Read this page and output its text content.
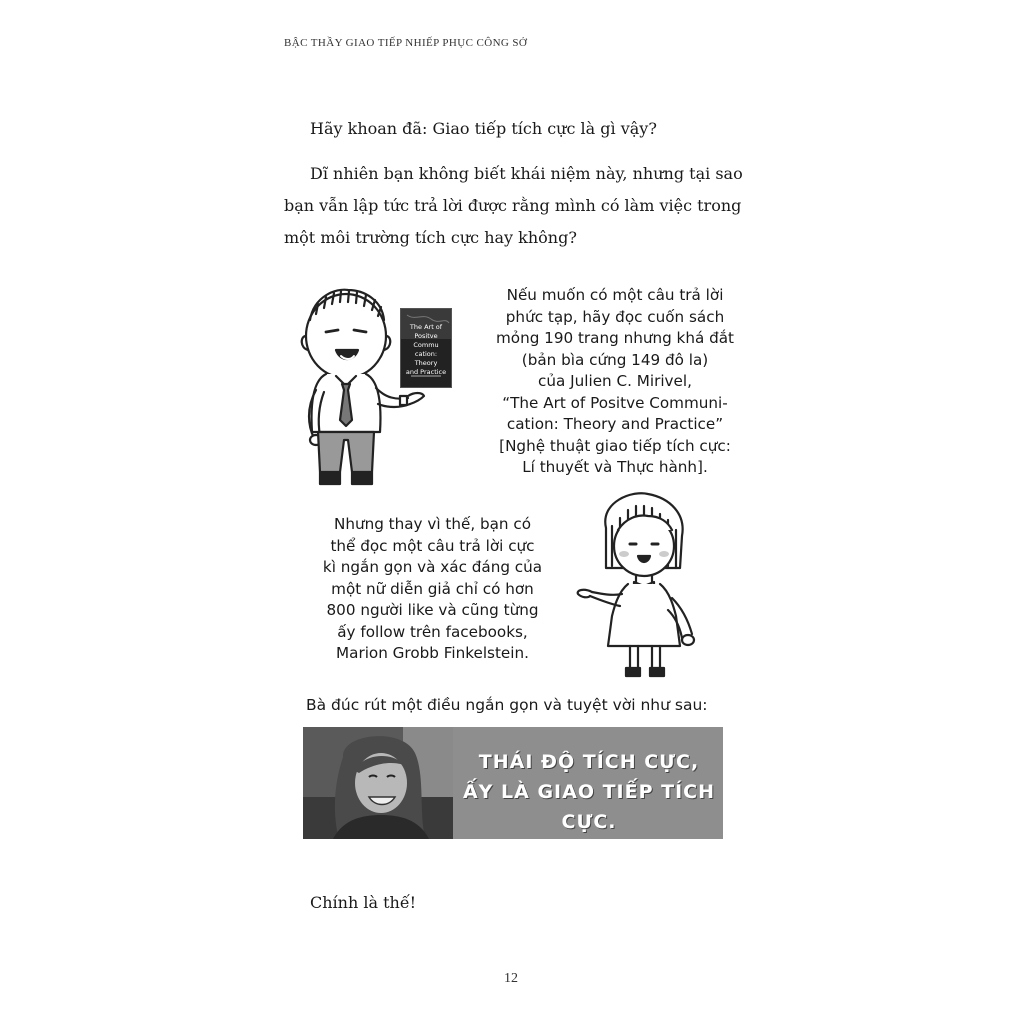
BẬC THẦY GIAO TIẾP NHIẾP PHỤC CÔNG SỞ
Hãy khoan đã: Giao tiếp tích cực là gì vậy?
Dĩ nhiên bạn không biết khái niệm này, nhưng tại sao
bạn vẫn lập tức trả lời được rằng mình có làm việc trong
một môi trường tích cực hay không?
The Art of
Positve Commu
cation: Theory
and Practice
Nếu muốn có một câu trả lời
phức tạp, hãy đọc cuốn sách
mỏng 190 trang nhưng khá đắt
(bản bìa cứng 149 đô la)
của Julien C. Mirivel,
“The Art of Positve Communi-
cation: Theory and Practice”
[Nghệ thuật giao tiếp tích cực:
Lí thuyết và Thực hành].
Nhưng thay vì thế, bạn có
thể đọc một câu trả lời cực
kì ngắn gọn và xác đáng của
một nữ diễn giả chỉ có hơn
800 người like và cũng từng
ấy follow trên facebooks,
Marion Grobb Finkelstein.
Bà đúc rút một điều ngắn gọn và tuyệt vời như sau:
THÁI ĐỘ TÍCH CỰC,
ẤY LÀ GIAO TIẾP TÍCH CỰC.
Chính là thế!
12
